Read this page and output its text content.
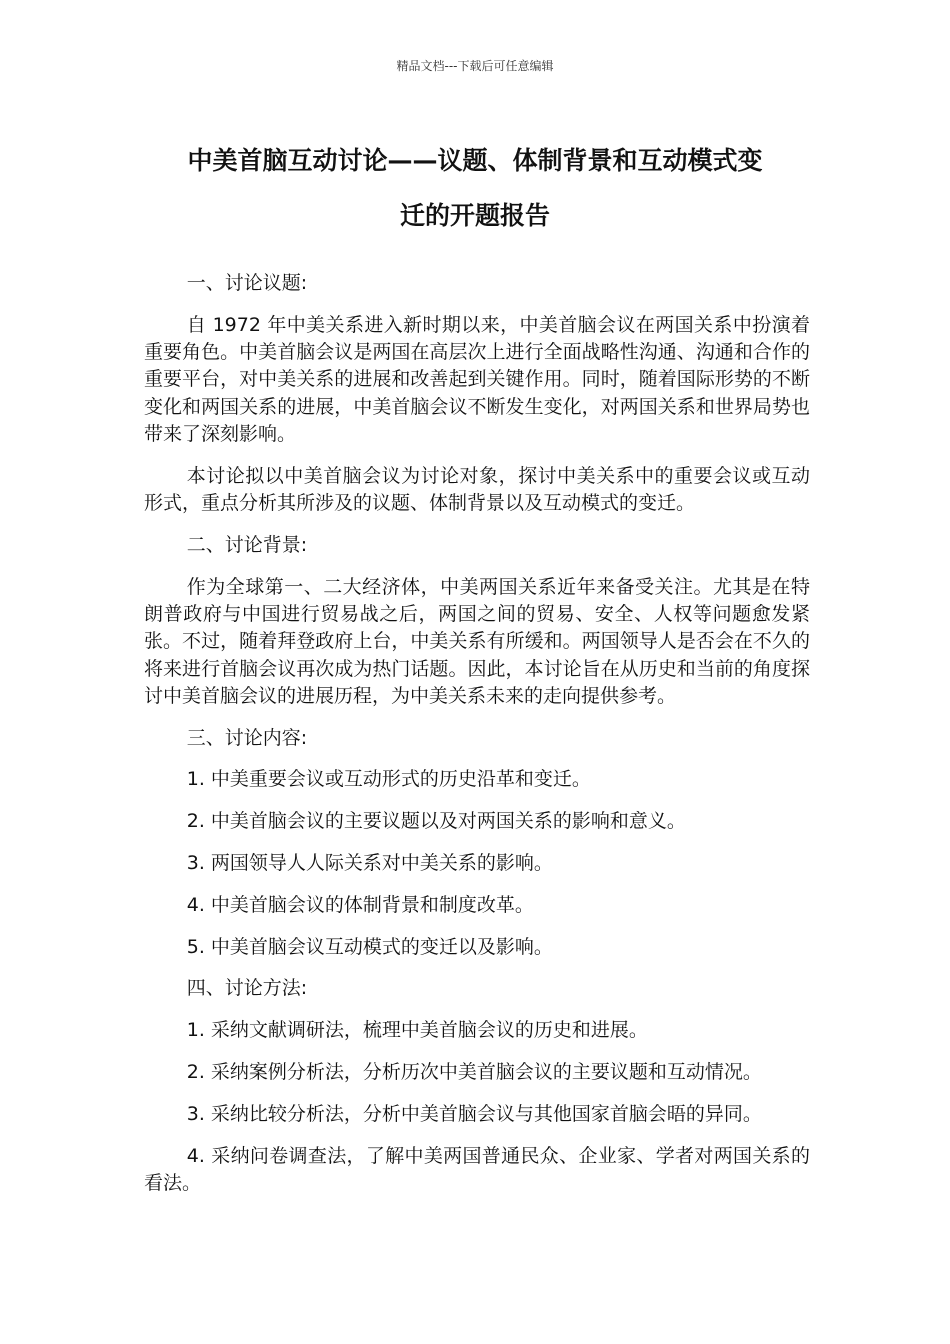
精品文档---下载后可任意编辑
中美首脑互动讨论——议题、体制背景和互动模式变
迁的开题报告

一、讨论议题:

自 1972 年中美关系进入新时期以来，中美首脑会议在两国关系中扮演着重要角色。中美首脑会议是两国在高层次上进行全面战略性沟通、沟通和合作的重要平台，对中美关系的进展和改善起到关键作用。同时，随着国际形势的不断变化和两国关系的进展，中美首脑会议不断发生变化，对两国关系和世界局势也带来了深刻影响。

本讨论拟以中美首脑会议为讨论对象，探讨中美关系中的重要会议或互动形式，重点分析其所涉及的议题、体制背景以及互动模式的变迁。

二、讨论背景:

作为全球第一、二大经济体，中美两国关系近年来备受关注。尤其是在特朗普政府与中国进行贸易战之后，两国之间的贸易、安全、人权等问题愈发紧张。不过，随着拜登政府上台，中美关系有所缓和。两国领导人是否会在不久的将来进行首脑会议再次成为热门话题。因此，本讨论旨在从历史和当前的角度探讨中美首脑会议的进展历程，为中美关系未来的走向提供参考。

三、讨论内容:

1. 中美重要会议或互动形式的历史沿革和变迁。

2. 中美首脑会议的主要议题以及对两国关系的影响和意义。

3. 两国领导人人际关系对中美关系的影响。

4. 中美首脑会议的体制背景和制度改革。

5. 中美首脑会议互动模式的变迁以及影响。

四、讨论方法:

1. 采纳文献调研法，梳理中美首脑会议的历史和进展。

2. 采纳案例分析法，分析历次中美首脑会议的主要议题和互动情况。

3. 采纳比较分析法，分析中美首脑会议与其他国家首脑会晤的异同。

4. 采纳问卷调查法，了解中美两国普通民众、企业家、学者对两国关系的看法。
